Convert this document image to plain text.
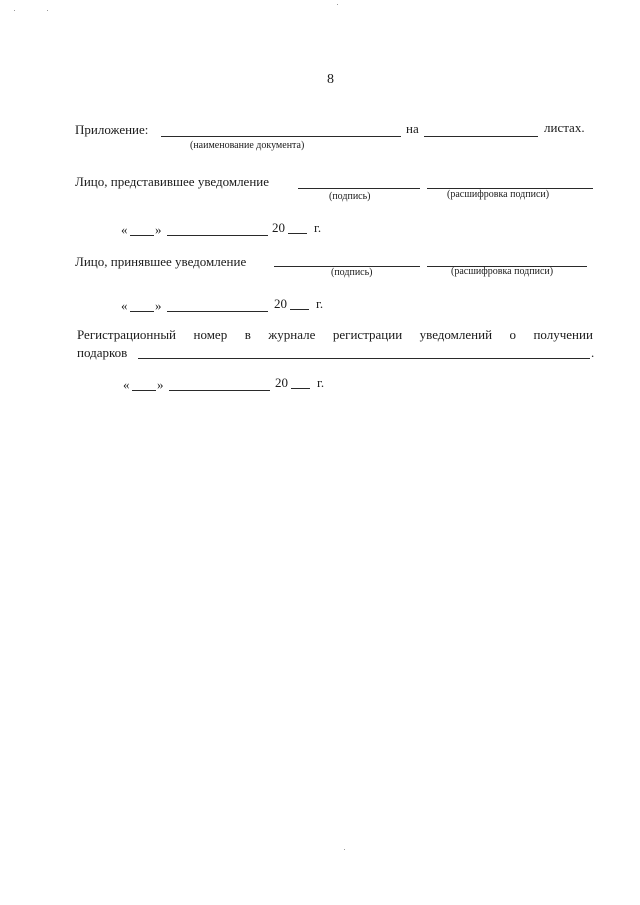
8
Приложение:	на	листах.
(наименование документа)
Лицо, представившее уведомление
(подпись)	(расшифровка подписи)
« »	20 г.
Лицо, принявшее уведомление
(подпись)	(расшифровка подписи)
« »	20 г.
Регистрационный номер в журнале регистрации уведомлений о получении
подарков	.
« »	20 г.
